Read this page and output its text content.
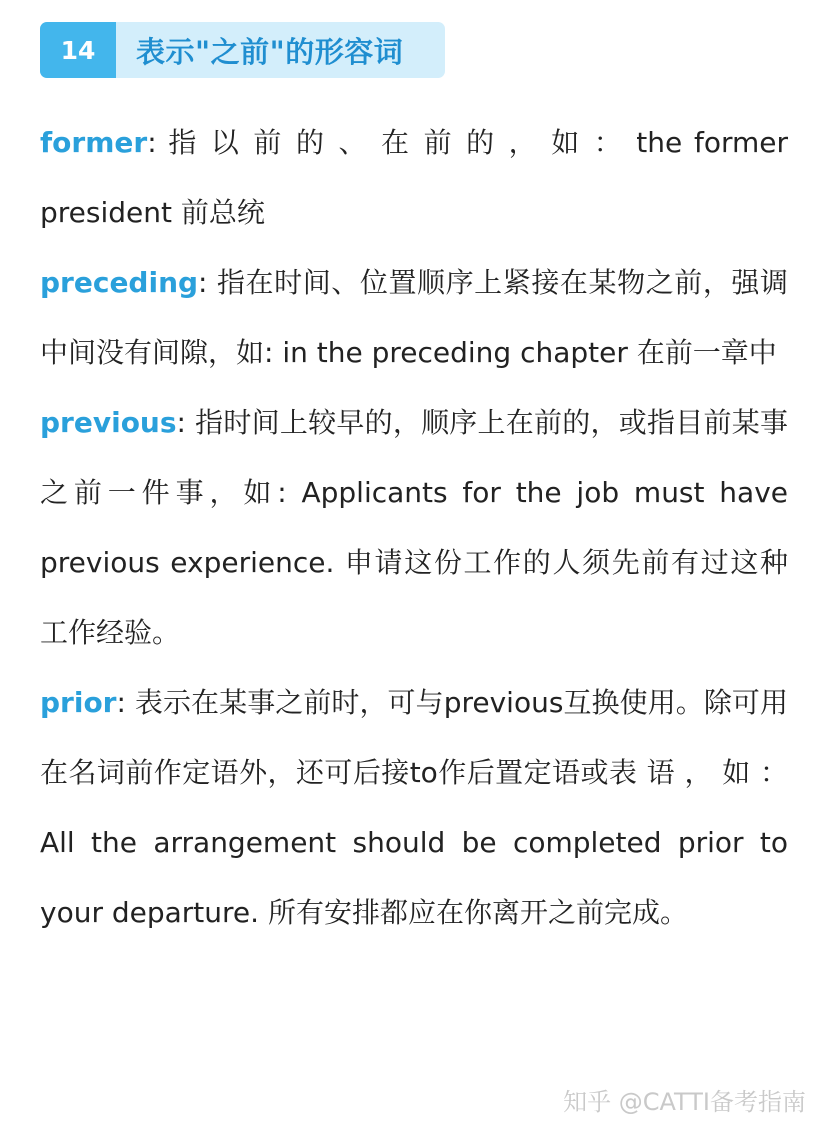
14	表示"之前"的形容词

former: 指 以 前 的 、 在 前 的 ， 如 ： the former president 前总统

preceding: 指在时间、位置顺序上紧接在某物之前，强调中间没有间隙，如: in the preceding chapter 在前一章中

previous: 指时间上较早的，顺序上在前的，或指目前某事之前一件事，如: Applicants for the job must have previous experience. 申请这份工作的人须先前有过这种工作经验。

prior: 表示在某事之前时，可与previous互换使用。除可用在名词前作定语外，还可后接to作后置定语或表 语 ， 如 ： All the arrangement should be completed prior to your departure. 所有安排都应在你离开之前完成。

知乎 @CATTI备考指南
